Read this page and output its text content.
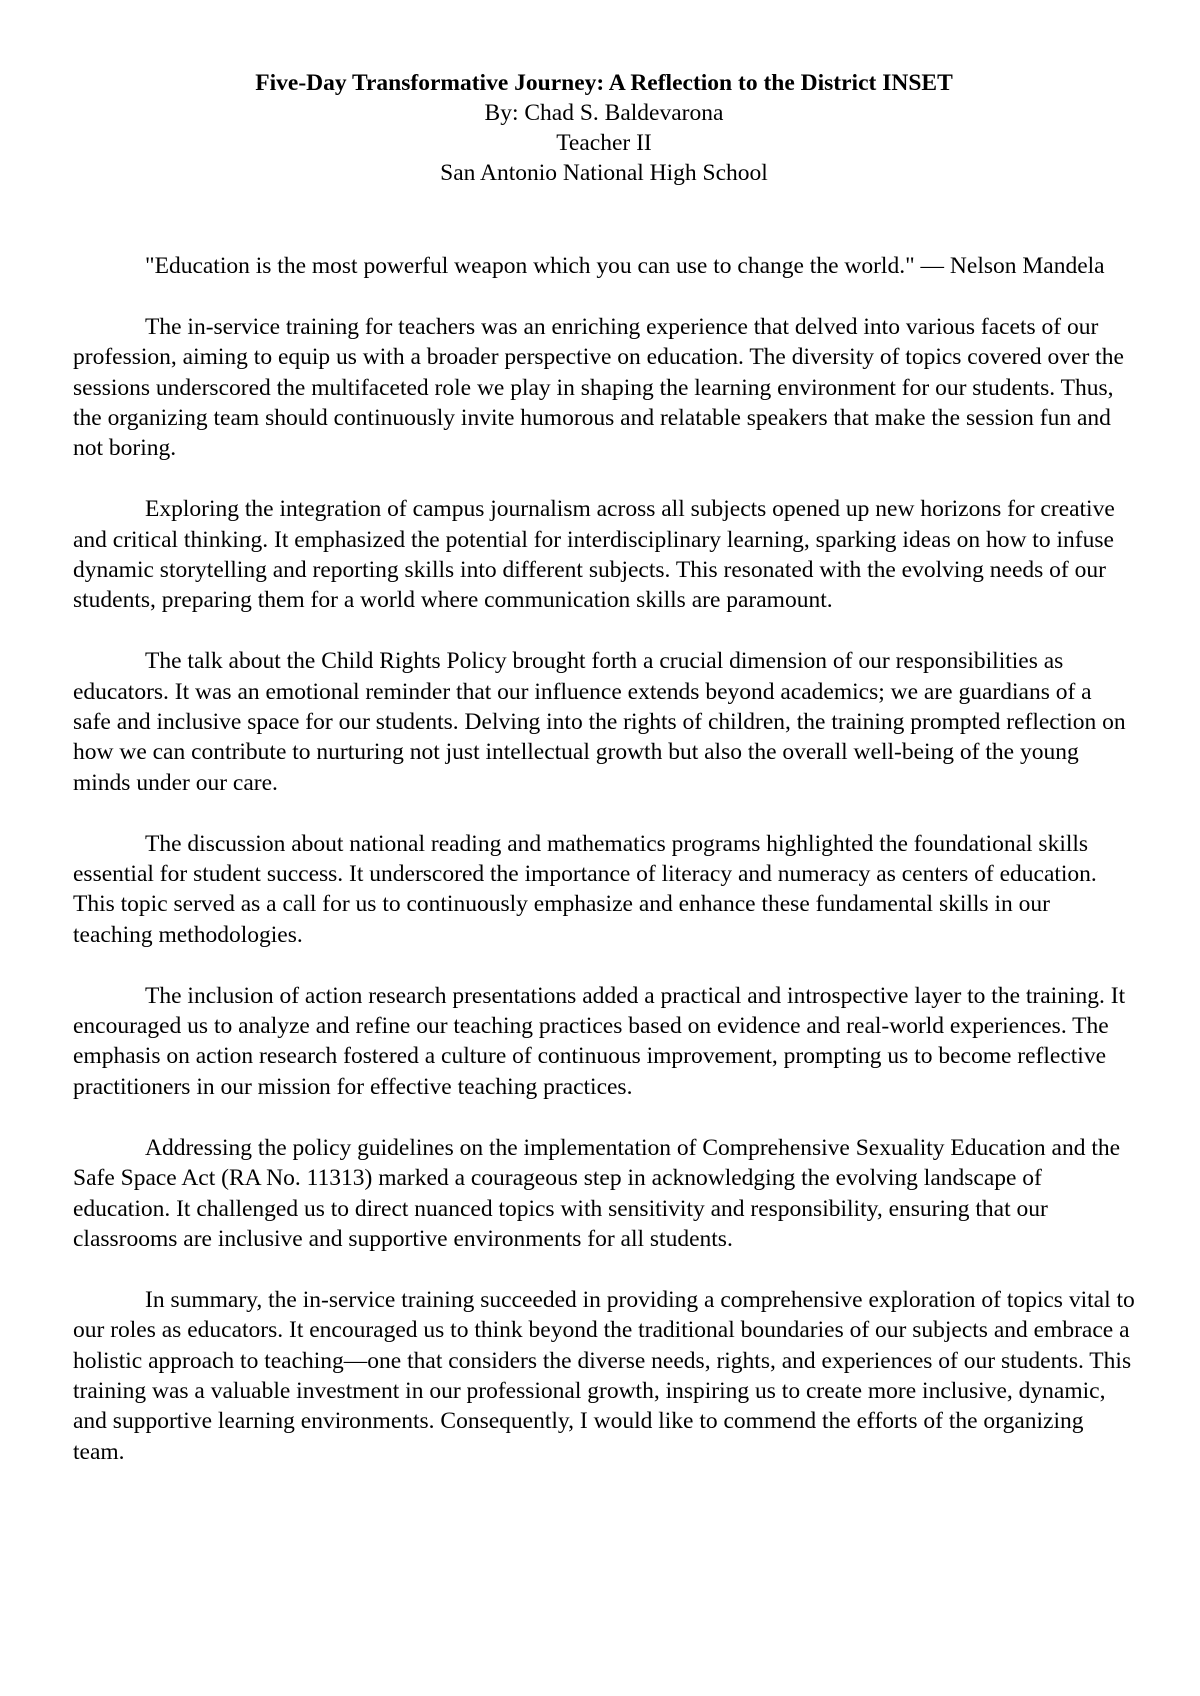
Five-Day Transformative Journey: A Reflection to the District INSET
By: Chad S. Baldevarona
Teacher II
San Antonio National High School

"Education is the most powerful weapon which you can use to change the world." — Nelson Mandela

The in-service training for teachers was an enriching experience that delved into various facets of our profession, aiming to equip us with a broader perspective on education. The diversity of topics covered over the sessions underscored the multifaceted role we play in shaping the learning environment for our students. Thus, the organizing team should continuously invite humorous and relatable speakers that make the session fun and not boring.

Exploring the integration of campus journalism across all subjects opened up new horizons for creative and critical thinking. It emphasized the potential for interdisciplinary learning, sparking ideas on how to infuse dynamic storytelling and reporting skills into different subjects. This resonated with the evolving needs of our students, preparing them for a world where communication skills are paramount.

The talk about the Child Rights Policy brought forth a crucial dimension of our responsibilities as educators. It was an emotional reminder that our influence extends beyond academics; we are guardians of a safe and inclusive space for our students. Delving into the rights of children, the training prompted reflection on how we can contribute to nurturing not just intellectual growth but also the overall well-being of the young minds under our care.

The discussion about national reading and mathematics programs highlighted the foundational skills essential for student success. It underscored the importance of literacy and numeracy as centers of education. This topic served as a call for us to continuously emphasize and enhance these fundamental skills in our teaching methodologies.

The inclusion of action research presentations added a practical and introspective layer to the training. It encouraged us to analyze and refine our teaching practices based on evidence and real-world experiences. The emphasis on action research fostered a culture of continuous improvement, prompting us to become reflective practitioners in our mission for effective teaching practices.

Addressing the policy guidelines on the implementation of Comprehensive Sexuality Education and the Safe Space Act (RA No. 11313) marked a courageous step in acknowledging the evolving landscape of education. It challenged us to direct nuanced topics with sensitivity and responsibility, ensuring that our classrooms are inclusive and supportive environments for all students.

In summary, the in-service training succeeded in providing a comprehensive exploration of topics vital to our roles as educators. It encouraged us to think beyond the traditional boundaries of our subjects and embrace a holistic approach to teaching—one that considers the diverse needs, rights, and experiences of our students. This training was a valuable investment in our professional growth, inspiring us to create more inclusive, dynamic, and supportive learning environments. Consequently, I would like to commend the efforts of the organizing team.
